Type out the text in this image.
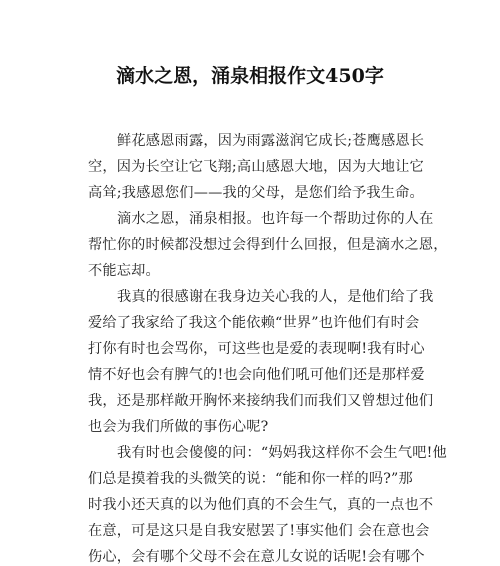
滴水之恩，涌泉相报作文450字
鲜花感恩雨露，因为雨露滋润它成长;苍鹰感恩长
空，因为长空让它飞翔;高山感恩大地，因为大地让它
高耸;我感恩您们——我的父母，是您们给予我生命。
滴水之恩，涌泉相报。也许每一个帮助过你的人在
帮忙你的时候都没想过会得到什么回报，但是滴水之恩，
不能忘却。
我真的很感谢在我身边关心我的人，是他们给了我
爱给了我家给了我这个能依赖“世界”也许他们有时会
打你有时也会骂你，可这些也是爱的表现啊!我有时心
情不好也会有脾气的!也会向他们吼可他们还是那样爱
我，还是那样敞开胸怀来接纳我们而我们又曾想过他们
也会为我们所做的事伤心呢?
我有时也会傻傻的问：“妈妈我这样你不会生气吧!他
们总是摸着我的头微笑的说：“能和你一样的吗?”那
时我小还天真的以为他们真的不会生气，真的一点也不
在意，可是这只是自我安慰罢了!事实他们 会在意也会
伤心，会有哪个父母不会在意儿女说的话呢!会有哪个
